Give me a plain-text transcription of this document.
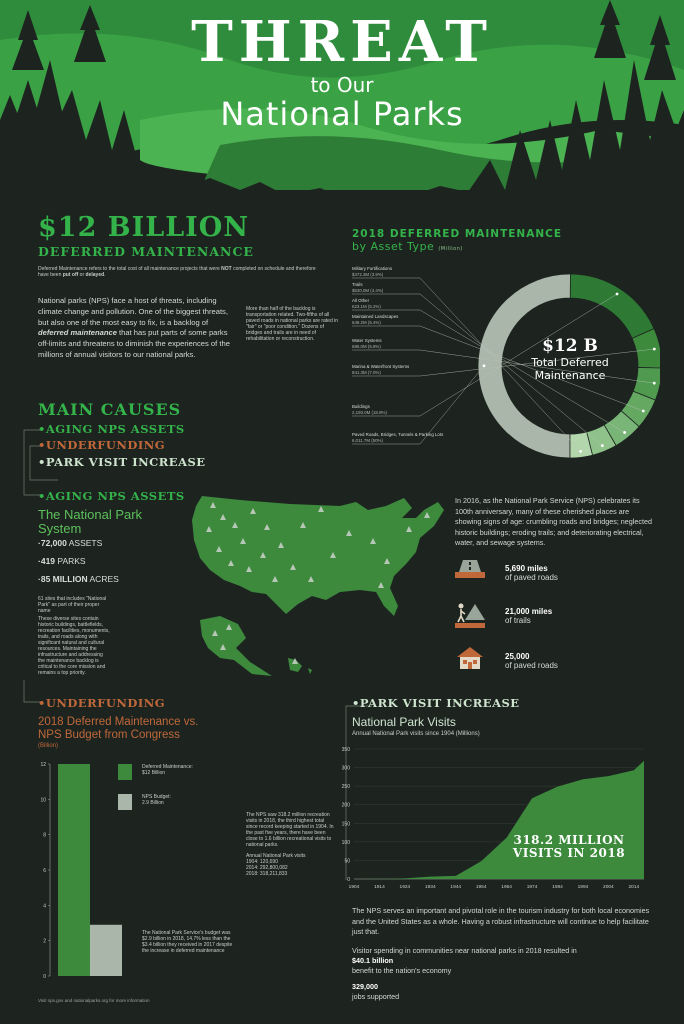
THREAT
to Our
National Parks
$12 BILLION
DEFERRED MAINTENANCE
Deferred Maintenance refers to the total cost of all maintenance projects that were NOT completed on schedule and therefore have been put off or delayed.
National parks (NPS) face a host of threats, including climate change and pollution. One of the biggest threats, but also one of the most easy to fix, is a backlog of deferred maintenance that has put parts of some parks off-limits and threatens to diminish the experiences of the millions of annual visitors to our national parks.
More than half of the backlog is transportation related. Two-fifths of all paved roads in national parks are rated in "fair" or "poor condition." Dozens of bridges and trails are in need of rehabilitation or reconstruction.
2018 DEFERRED MAINTENANCE
by Asset Type (Million)
Military Fortifications
$472.3M (3.9%)
Trails
$530.0M (4.4%)
All Other
623.1M (5.2%)
Maintained Landscapes
649.2M (5.4%)
Water Systems
685.0M (5.8%)
Marina & Waterfront Systems
841.3M (7.0%)
Buildings
2,193.0M (18.8%)
Paved Roads, Bridges, Tunnels & Parking Lots
6,011.7M (50%)
$12 B
Total Deferred
Maintenance
MAIN CAUSES
•AGING NPS ASSETS
•UNDERFUNDING
•PARK VISIT INCREASE
•AGING NPS ASSETS
The National Park
System
·72,000 ASSETS
·419 PARKS
·85 MILLION ACRES
61 sites that includes "National Park" as part of their proper name
These diverse sites contain historic buildings, battlefields, recreation facilities, monuments, trails, and roads along with significant natural and cultural resources. Maintaining the infrastructure and addressing the maintenance backlog is critical to the core mission and remains a top priority.
In 2016, as the National Park Service (NPS) celebrates its 100th anniversary, many of these cherished places are showing signs of age: crumbling roads and bridges; neglected historic buildings; eroding trails; and deteriorating electrical, water, and sewage systems.
5,690 miles
of paved roads
21,000 miles
of trails
25,000
of paved roads
•UNDERFUNDING
2018 Deferred Maintenance vs.
NPS Budget from Congress
(Billion)
0
2
4
6
8
10
12	Deferred Maintenance:
$12 Billion
NPS Budget:
2.9 Billion
The National Park Service's budget was $2.9 billion in 2018, 14.7% less than the $3.4 billion they received in 2017 despite the increase in deferred maintenance
The NPS saw 318.2 million recreation visits in 2018, the third highest total since record keeping started in 1904. In the past five years, there have been close to 1.6 billion recreational visits to national parks.
Annual National Park visits
1904: 120,690
2014: 292,800,082
2018: 318,211,833
Visit nps.gov and nationalparks.org for more information
•PARK VISIT INCREASE
National Park Visits
Annual National Park visits since 1904 (Millions)
0
50
100
150
200
250
300
350
1904	1914	1924	1934	1944	1954	1964	1974	1984	1994	2004	2014
318.2 MILLION
VISITS IN 2018
The NPS serves an important and pivotal role in the tourism industry for both local economies and the United States as a whole. Having a robust infrastructure will continue to help facilitate just that.
Visitor spending in communities near national parks in 2018 resulted in
$40.1 billion
benefit to the nation's economy
329,000
jobs supported
